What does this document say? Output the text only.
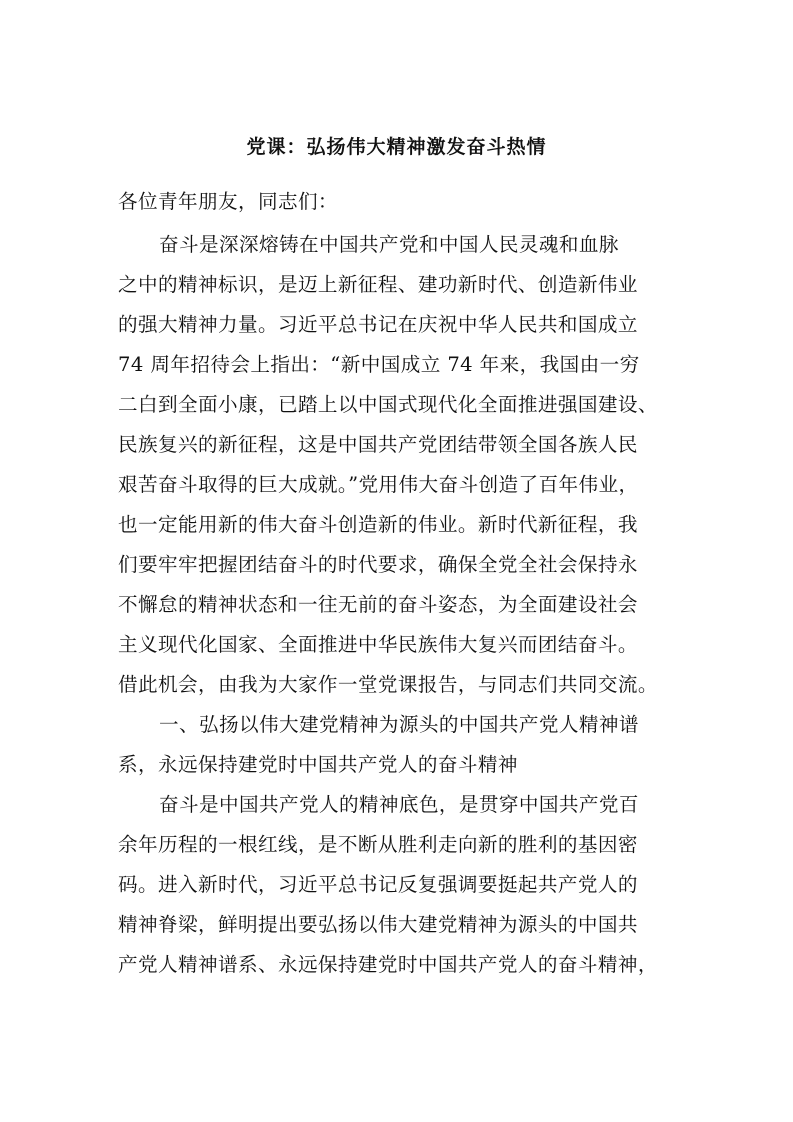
党课：弘扬伟大精神激发奋斗热情
各位青年朋友，同志们：
奋斗是深深熔铸在中国共产党和中国人民灵魂和血脉
之中的精神标识，是迈上新征程、建功新时代、创造新伟业
的强大精神力量。习近平总书记在庆祝中华人民共和国成立
74 周年招待会上指出：“新中国成立 74 年来，我国由一穷
二白到全面小康，已踏上以中国式现代化全面推进强国建设、
民族复兴的新征程，这是中国共产党团结带领全国各族人民
艰苦奋斗取得的巨大成就。”党用伟大奋斗创造了百年伟业，
也一定能用新的伟大奋斗创造新的伟业。新时代新征程，我
们要牢牢把握团结奋斗的时代要求，确保全党全社会保持永
不懈怠的精神状态和一往无前的奋斗姿态，为全面建设社会
主义现代化国家、全面推进中华民族伟大复兴而团结奋斗。
借此机会，由我为大家作一堂党课报告，与同志们共同交流。
一、弘扬以伟大建党精神为源头的中国共产党人精神谱
系，永远保持建党时中国共产党人的奋斗精神
奋斗是中国共产党人的精神底色，是贯穿中国共产党百
余年历程的一根红线，是不断从胜利走向新的胜利的基因密
码。进入新时代，习近平总书记反复强调要挺起共产党人的
精神脊梁，鲜明提出要弘扬以伟大建党精神为源头的中国共
产党人精神谱系、永远保持建党时中国共产党人的奋斗精神，
